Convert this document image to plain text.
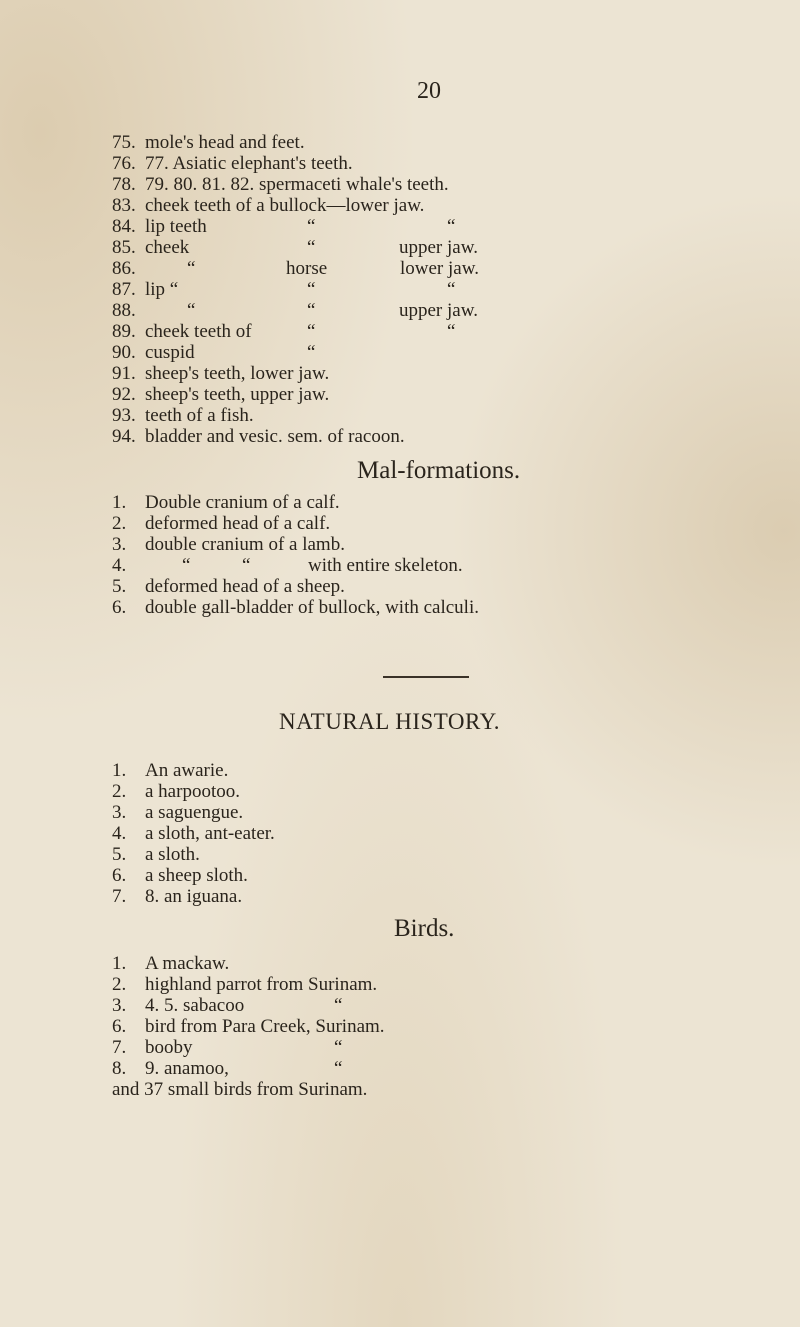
20
75. mole's head and feet.
76. 77. Asiatic elephant's teeth.
78. 79. 80. 81. 82. spermaceti whale's teeth.
83. cheek teeth of a bullock—lower jaw.
84. lip teeth	“	“
85. cheek	“	upper jaw.
86.	“	horse	lower jaw.
87. lip “	“	“
88.	“	“	upper jaw.
89. cheek teeth of	“	“
90. cuspid	“
91. sheep's teeth, lower jaw.
92. sheep's teeth, upper jaw.
93. teeth of a fish.
94. bladder and vesic. sem. of racoon.
Mal-formations.
1. Double cranium of a calf.
2. deformed head of a calf.
3. double cranium of a lamb.
4.	“	“	with entire skeleton.
5. deformed head of a sheep.
6. double gall-bladder of bullock, with calculi.
NATURAL HISTORY.
1. An awarie.
2. a harpootoo.
3. a saguengue.
4. a sloth, ant-eater.
5. a sloth.
6. a sheep sloth.
7. 8. an iguana.
Birds.
1. A mackaw.
2. highland parrot from Surinam.
3. 4. 5. sabacoo	“
6. bird from Para Creek, Surinam.
7. booby	“
8. 9. anamoo,	“
and 37 small birds from Surinam.
